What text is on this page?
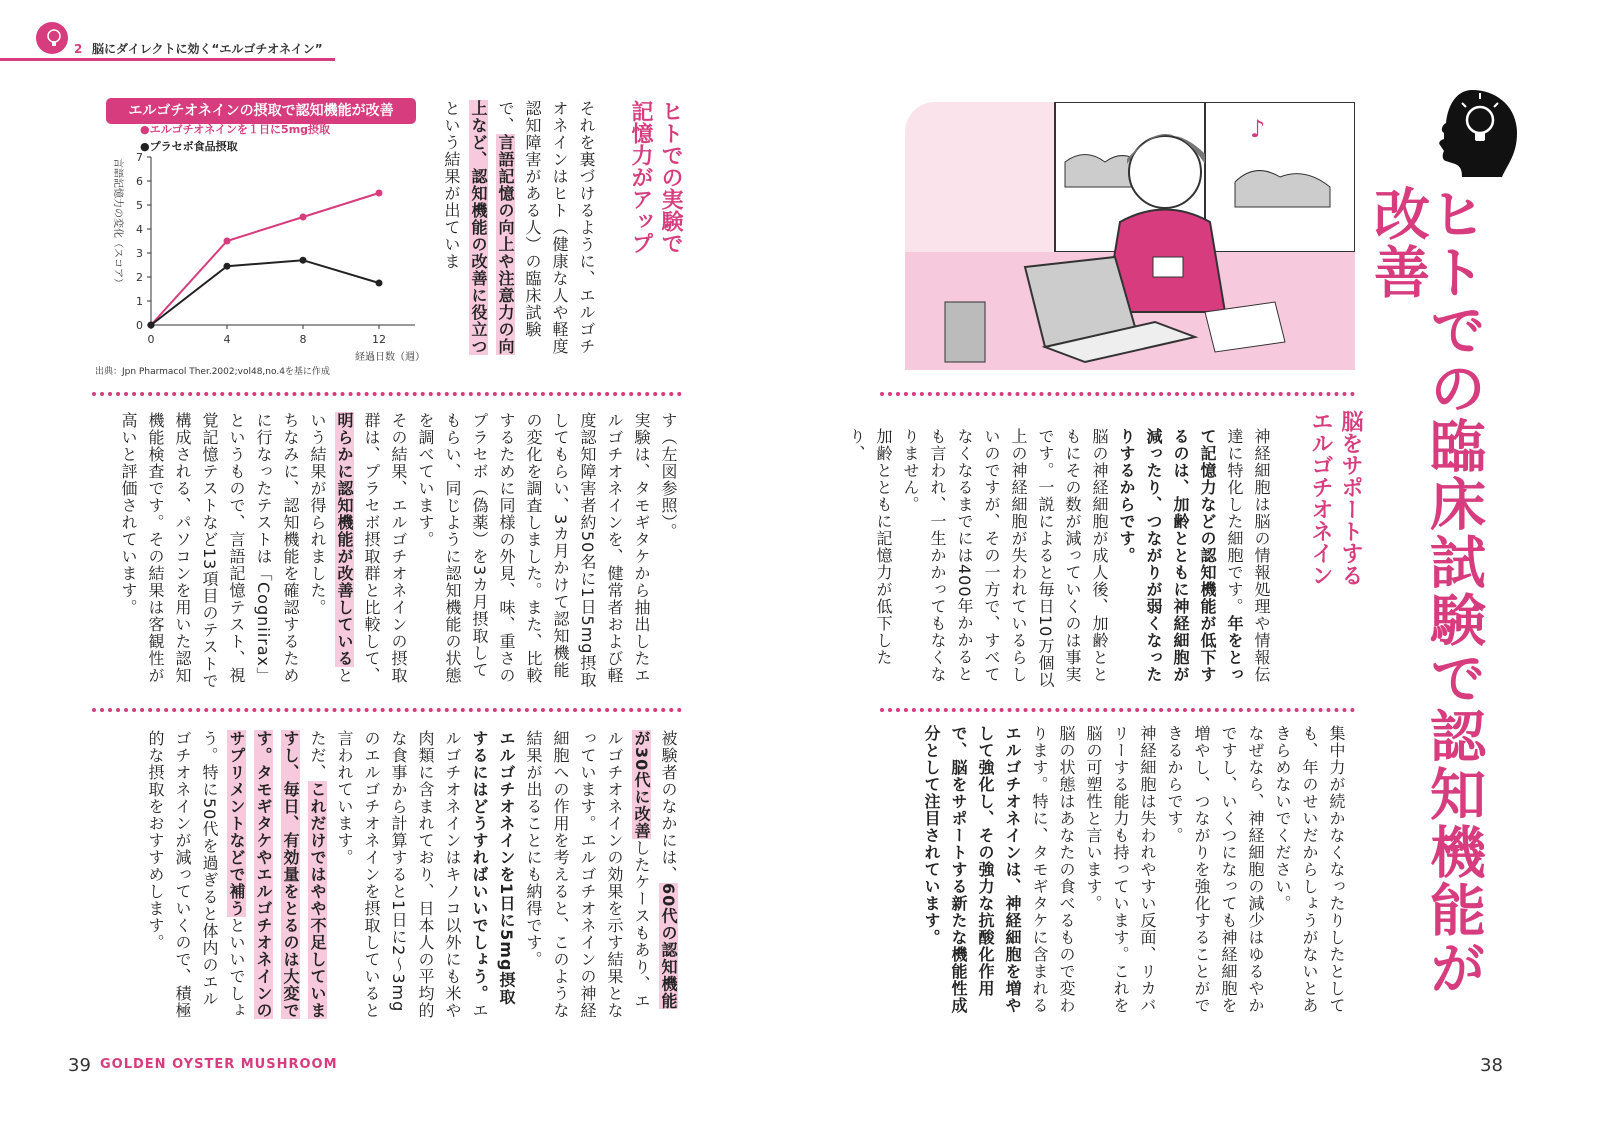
2 脳にダイレクトに効く“エルゴチオネイン”
ヒトでの臨床試験で認知機能が改善
♪
脳をサポートするエルゴチオネイン
神経細胞は脳の情報処理や情報伝達に特化した細胞です。年をとって記憶力などの認知機能が低下するのは、加齢とともに神経細胞が減ったり、つながりが弱くなったりするからです。
脳の神経細胞が成人後、加齢とともにその数が減っていくのは事実です。一説によると毎日10万個以上の神経細胞が失われているらしいのですが、その一方で、すべてなくなるまでには400年かかるとも言われ、一生かかってもなくなりません。
加齢とともに記憶力が低下したり、
集中力が続かなくなったりしたとしても、年のせいだからしょうがないとあきらめないでください。
なぜなら、神経細胞の減少はゆるやかですし、いくつになっても神経細胞を増やし、つながりを強化することができるからです。
神経細胞は失われやすい反面、リカバリーする能力も持っています。これを脳の可塑性と言います。
脳の状態はあなたの食べるもので変わります。特に、タモギタケに含まれるエルゴチオネインは、神経細胞を増やして強化し、その強力な抗酸化作用で、脳をサポートする新たな機能性成分として注目されています。
エルゴチオネインの摂取で認知機能が改善
0
1
2
3
4
5
6
7
0	4	8	12
経過日数（週）
言語記憶力の変化（スコア）
出典：Jpn Pharmacol Ther.2002;vol48,no.4を基に作成
●エルゴチオネインを１日に5mg摂取
●プラセボ食品摂取	ヒトでの実験で記憶力がアップ
それを裏づけるように、エルゴチオネインはヒト（健康な人や軽度認知障害がある人）の臨床試験で、言語記憶の向上や注意力の向上など、認知機能の改善に役立つという結果が出ていま
す（左図参照）。
実験は、タモギタケから抽出したエルゴチオネインを、健常者および軽度認知障害者約50名に1日5mg摂取してもらい、3カ月かけて認知機能の変化を調査しました。また、比較するために同様の外見、味、重さのプラセボ（偽薬）を3カ月摂取してもらい、同じように認知機能の状態を調べています。
その結果、エルゴチオネインの摂取群は、プラセボ摂取群と比較して、明らかに認知機能が改善しているという結果が得られました。
ちなみに、認知機能を確認するために行なったテストは「Cogniirax」というもので、言語記憶テスト、視覚記憶テストなど13項目のテストで構成される、パソコンを用いた認知機能検査です。その結果は客観性が高いと評価されています。
被験者のなかには、60代の認知機能が30代に改善したケースもあり、エルゴチオネインの効果を示す結果となっています。エルゴチオネインの神経細胞への作用を考えると、このような結果が出ることにも納得です。
エルゴチオネインを1日に5mg摂取するにはどうすればいいでしょう。エルゴチオネインはキノコ以外にも米や肉類に含まれており、日本人の平均的な食事から計算すると1日に2〜3mgのエルゴチオネインを摂取していると言われています。
ただ、これだけではやや不足していますし、毎日、有効量をとるのは大変です。タモギタケやエルゴチオネインのサプリメントなどで補うといいでしょう。特に50代を過ぎると体内のエルゴチオネインが減っていくので、積極的な摂取をおすすめします。
39 GOLDEN OYSTER MUSHROOM	38
